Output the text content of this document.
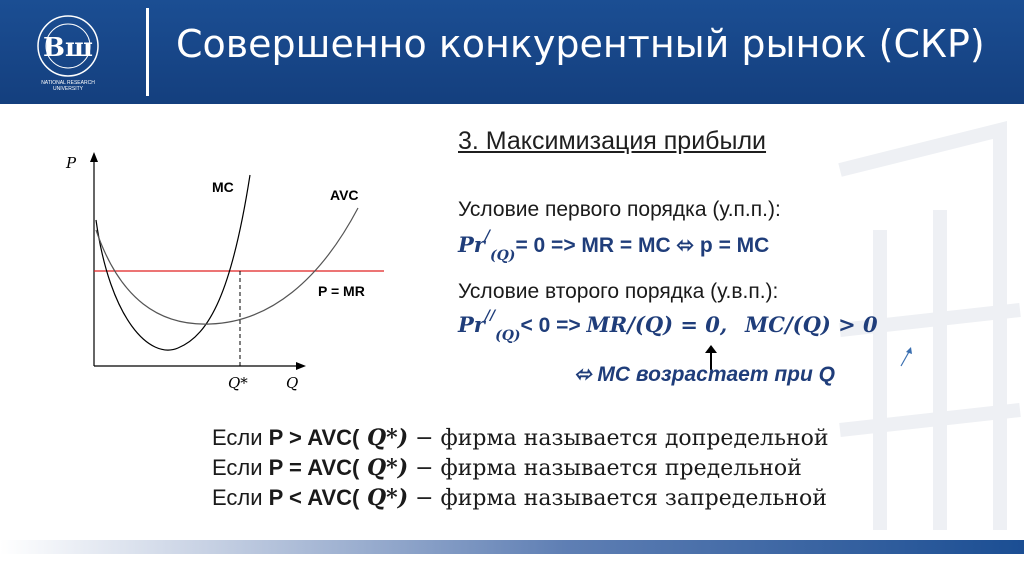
Вш
NATIONAL RESEARCH
UNIVERSITY
Совершенно конкурентный рынок (СКР)
P
Q
Q*
MC	AVC
P = MR
3. Максимизация прибыли
Условие первого порядка (у.п.п.):
Pr/(Q)= 0 => MR = MC ⬄ p = MC
Условие второго порядка (у.в.п.):
Pr//(Q)< 0 => MR/(Q) = 0, MC/(Q) > 0
⬄ MC возрастает при Q
Если P > AVC( Q*) − фирма называется допредельной
Если P = AVC( Q*) − фирма называется предельной
Если P < AVC( Q*) − фирма называется запредельной
